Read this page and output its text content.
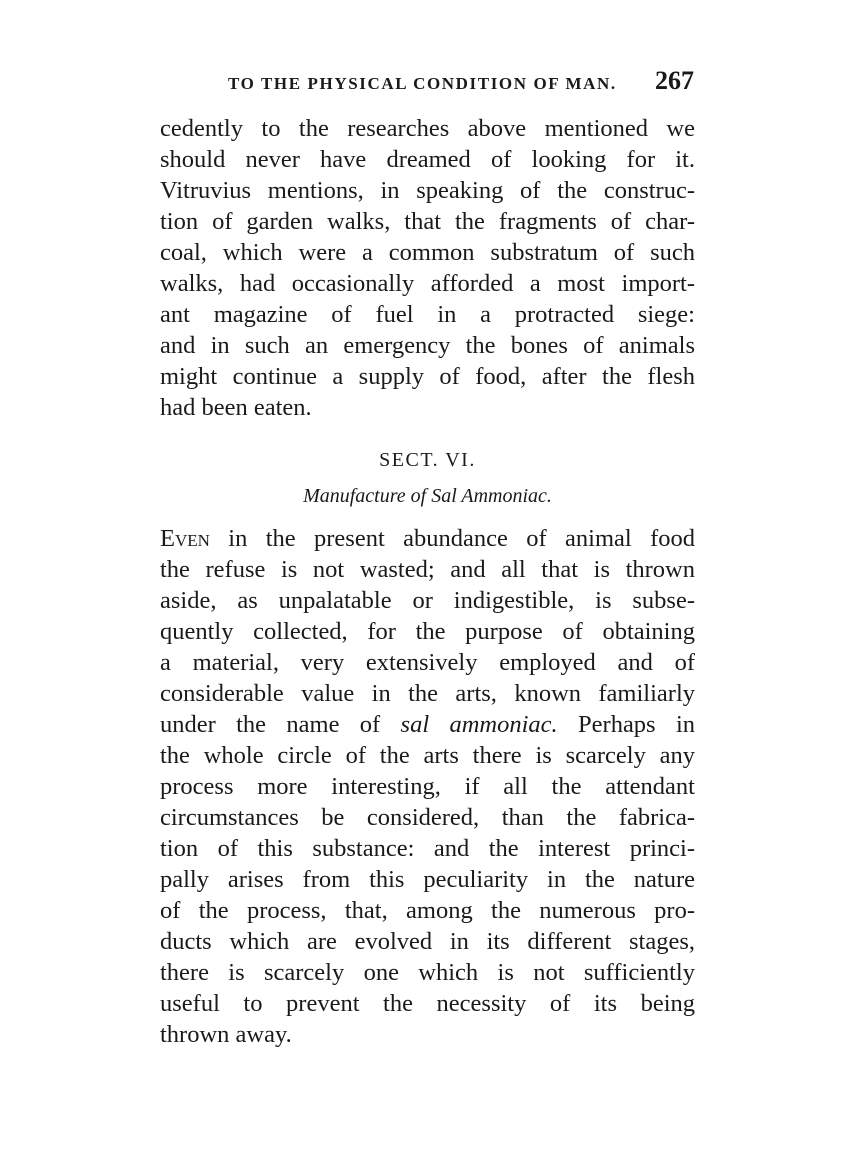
TO THE PHYSICAL CONDITION OF MAN. 267
cedently to the researches above mentioned we
should never have dreamed of looking for it.
Vitruvius mentions, in speaking of the construc-
tion of garden walks, that the fragments of char-
coal, which were a common substratum of such
walks, had occasionally afforded a most import-
ant magazine of fuel in a protracted siege:
and in such an emergency the bones of animals
might continue a supply of food, after the flesh
had been eaten.
SECT. VI.
Manufacture of Sal Ammoniac.
Even in the present abundance of animal food
the refuse is not wasted; and all that is thrown
aside, as unpalatable or indigestible, is subse-
quently collected, for the purpose of obtaining
a material, very extensively employed and of
considerable value in the arts, known familiarly
under the name of sal ammoniac. Perhaps in
the whole circle of the arts there is scarcely any
process more interesting, if all the attendant
circumstances be considered, than the fabrica-
tion of this substance: and the interest princi-
pally arises from this peculiarity in the nature
of the process, that, among the numerous pro-
ducts which are evolved in its different stages,
there is scarcely one which is not sufficiently
useful to prevent the necessity of its being
thrown away.
